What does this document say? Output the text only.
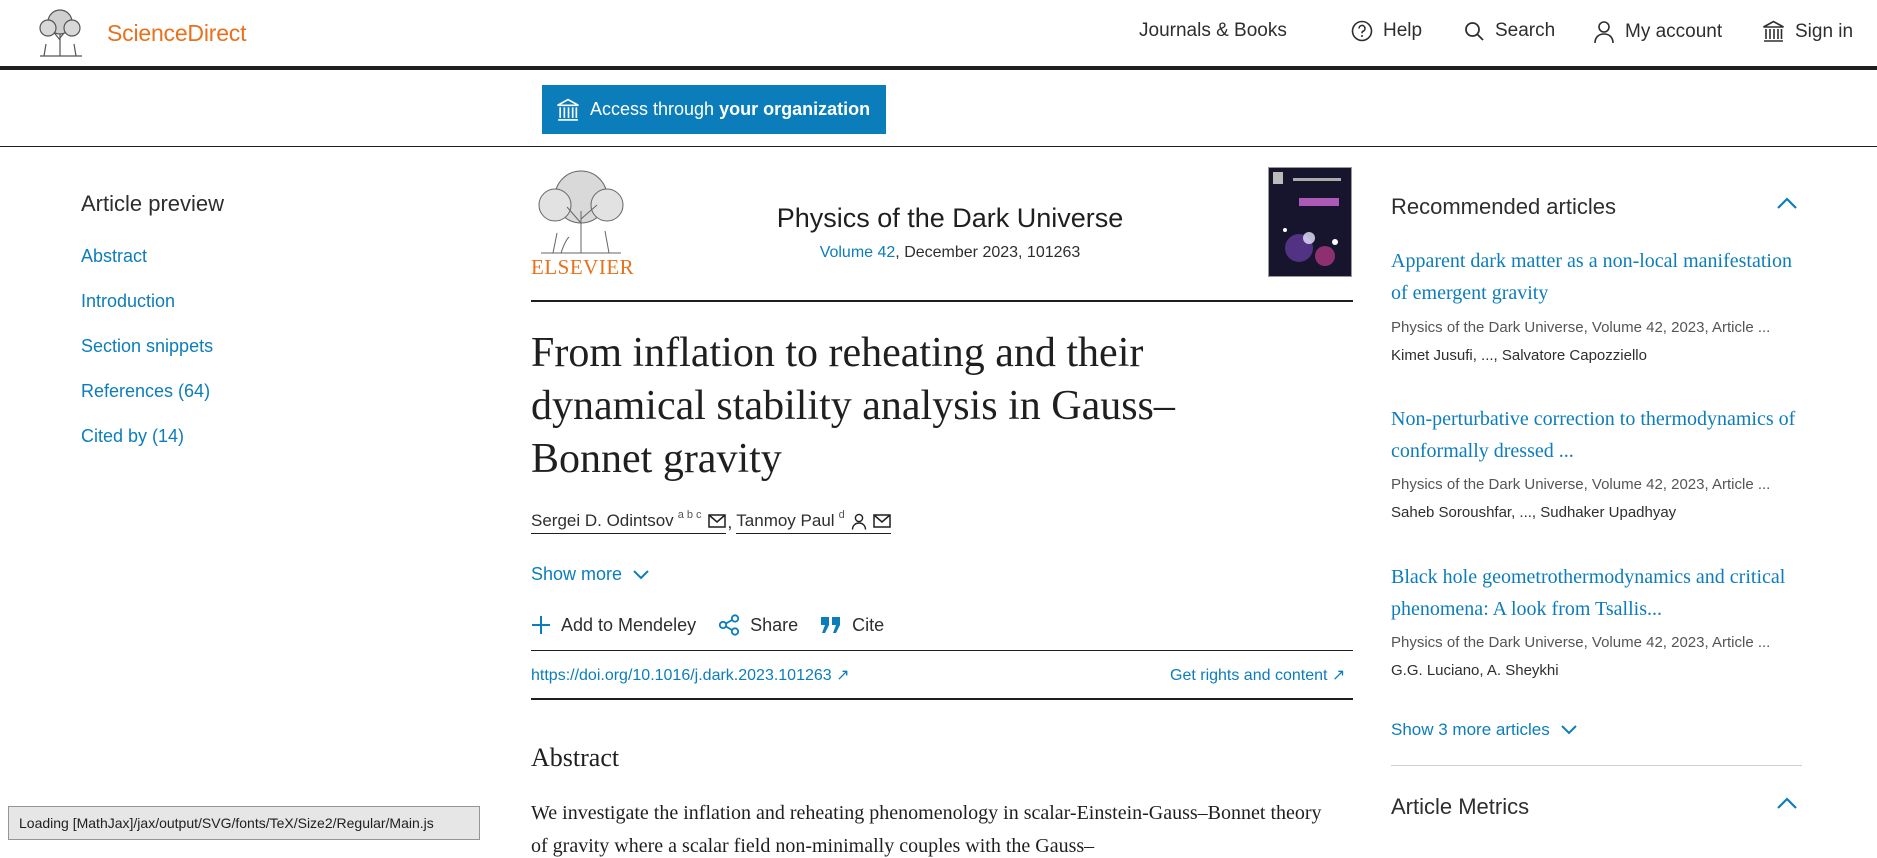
ScienceDirect	Journals & Books	Help	Search	My account	Sign in
Access through your organization
Article preview
Abstract
Introduction
Section snippets
References (64)
Cited by (14)
ELSEVIER
Physics of the Dark Universe
Volume 42, December 2023, 101263
From inflation to reheating and their dynamical stability analysis in Gauss–Bonnet gravity
Sergei D. Odintsov $^{a b c}$ , Tanmoy Paul $^d$
Show more
Add to Mendeley	Share	Cite
https://doi.org/10.1016/j.dark.2023.101263 ↗	Get rights and content ↗
Abstract
We investigate the inflation and reheating phenomenology in scalar-Einstein-Gauss–Bonnet theory of gravity where a scalar field non-minimally couples with the Gauss–
Recommended articles
Apparent dark matter as a non-local manifestation of emergent gravity
Physics of the Dark Universe, Volume 42, 2023, Article ...
Kimet Jusufi, ..., Salvatore Capozziello
Non-perturbative correction to thermodynamics of conformally dressed ...
Physics of the Dark Universe, Volume 42, 2023, Article ...
Saheb Soroushfar, ..., Sudhaker Upadhyay
Black hole geometrothermodynamics and critical phenomena: A look from Tsallis...
Physics of the Dark Universe, Volume 42, 2023, Article ...
G.G. Luciano, A. Sheykhi
Show 3 more articles
Article Metrics
Loading [MathJax]/jax/output/SVG/fonts/TeX/Size2/Regular/Main.js
